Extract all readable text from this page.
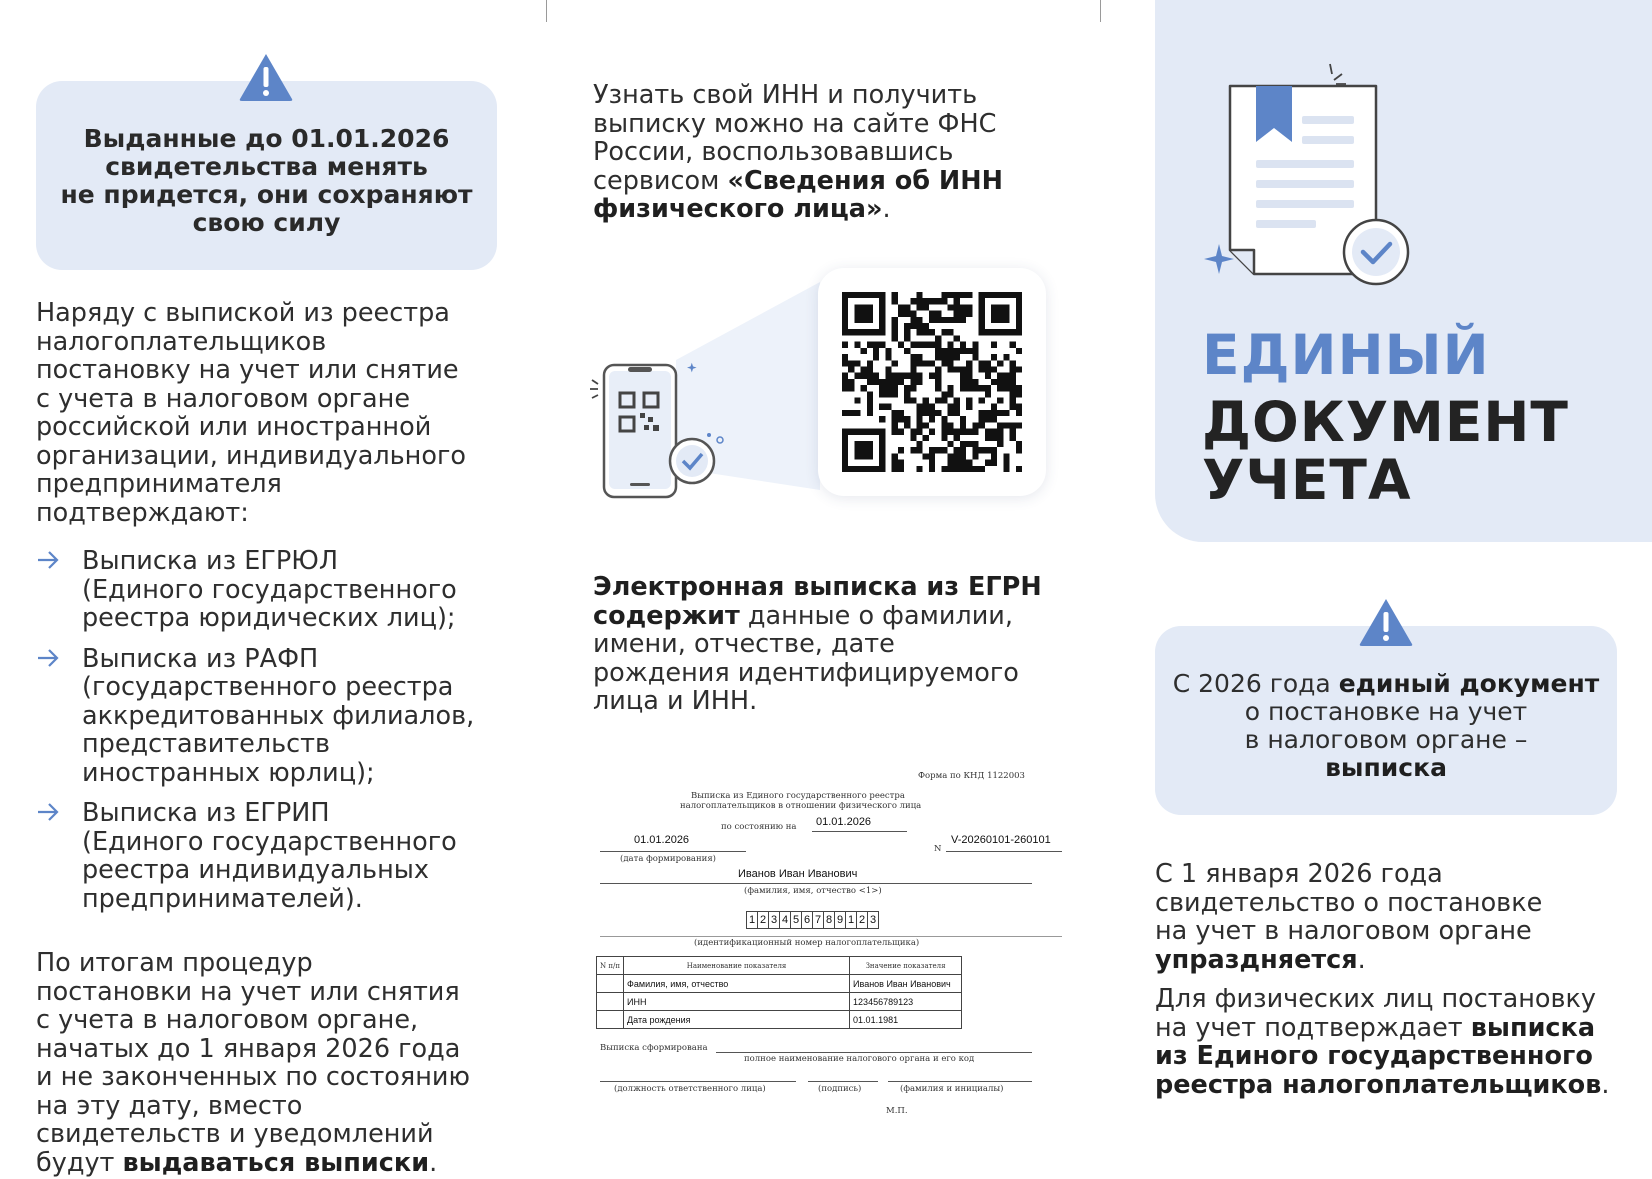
Выданные до 01.01.2026
свидетельства менять
не придется, они сохраняют
свою силу
Наряду с выпиской из реестра
налогоплательщиков
постановку на учет или снятие
с учета в налоговом органе
российской или иностранной
организации, индивидуального
предпринимателя
подтверждают:
Выписка из ЕГРЮЛ
(Единого государственного
реестра юридических лиц);
Выписка из РАФП
(государственного реестра
аккредитованных филиалов,
представительств
иностранных юрлиц);
Выписка из ЕГРИП
(Единого государственного
реестра индивидуальных
предпринимателей).
По итогам процедур
постановки на учет или снятия
с учета в налоговом органе,
начатых до 1 января 2026 года
и не законченных по состоянию
на эту дату, вместо
свидетельств и уведомлений
будут выдаваться выписки.
Узнать свой ИНН и получить
выписку можно на сайте ФНС
России, воспользовавшись
сервисом «Сведения об ИНН
физического лица».
Электронная выписка из ЕГРН
содержит данные о фамилии,
имени, отчестве, дате
рождения идентифицируемого
лица и ИНН.
Форма по КНД 1122003
Выписка из Единого государственного реестра
налогоплательщиков в отношении физического лица
по состоянию на 01.01.2026
01.01.2026
(дата формирования)
N
V-20260101-260101
Иванов Иван Иванович
(фамилия, имя, отчество <1>)
1 2 3 4 5 6 7 8 9 1 2 3
(идентификационный номер налогоплательщика)
N п/п	Наименование показателя	Значение показателя
	Фамилия, имя, отчество	Иванов Иван Иванович
	ИНН	123456789123
	Дата рождения	01.01.1981
Выписка сформирована
полное наименование налогового органа и его код
(должность ответственного лица)	(подпись)	(фамилия и инициалы)
М.П.
ЕДИНЫЙ
ДОКУМЕНТ
УЧЕТА
С 2026 года единый документ
о постановке на учет
в налоговом органе –
выписка
С 1 января 2026 года
свидетельство о постановке
на учет в налоговом органе
упраздняется.
Для физических лиц постановку
на учет подтверждает выписка
из Единого государственного
реестра налогоплательщиков.
